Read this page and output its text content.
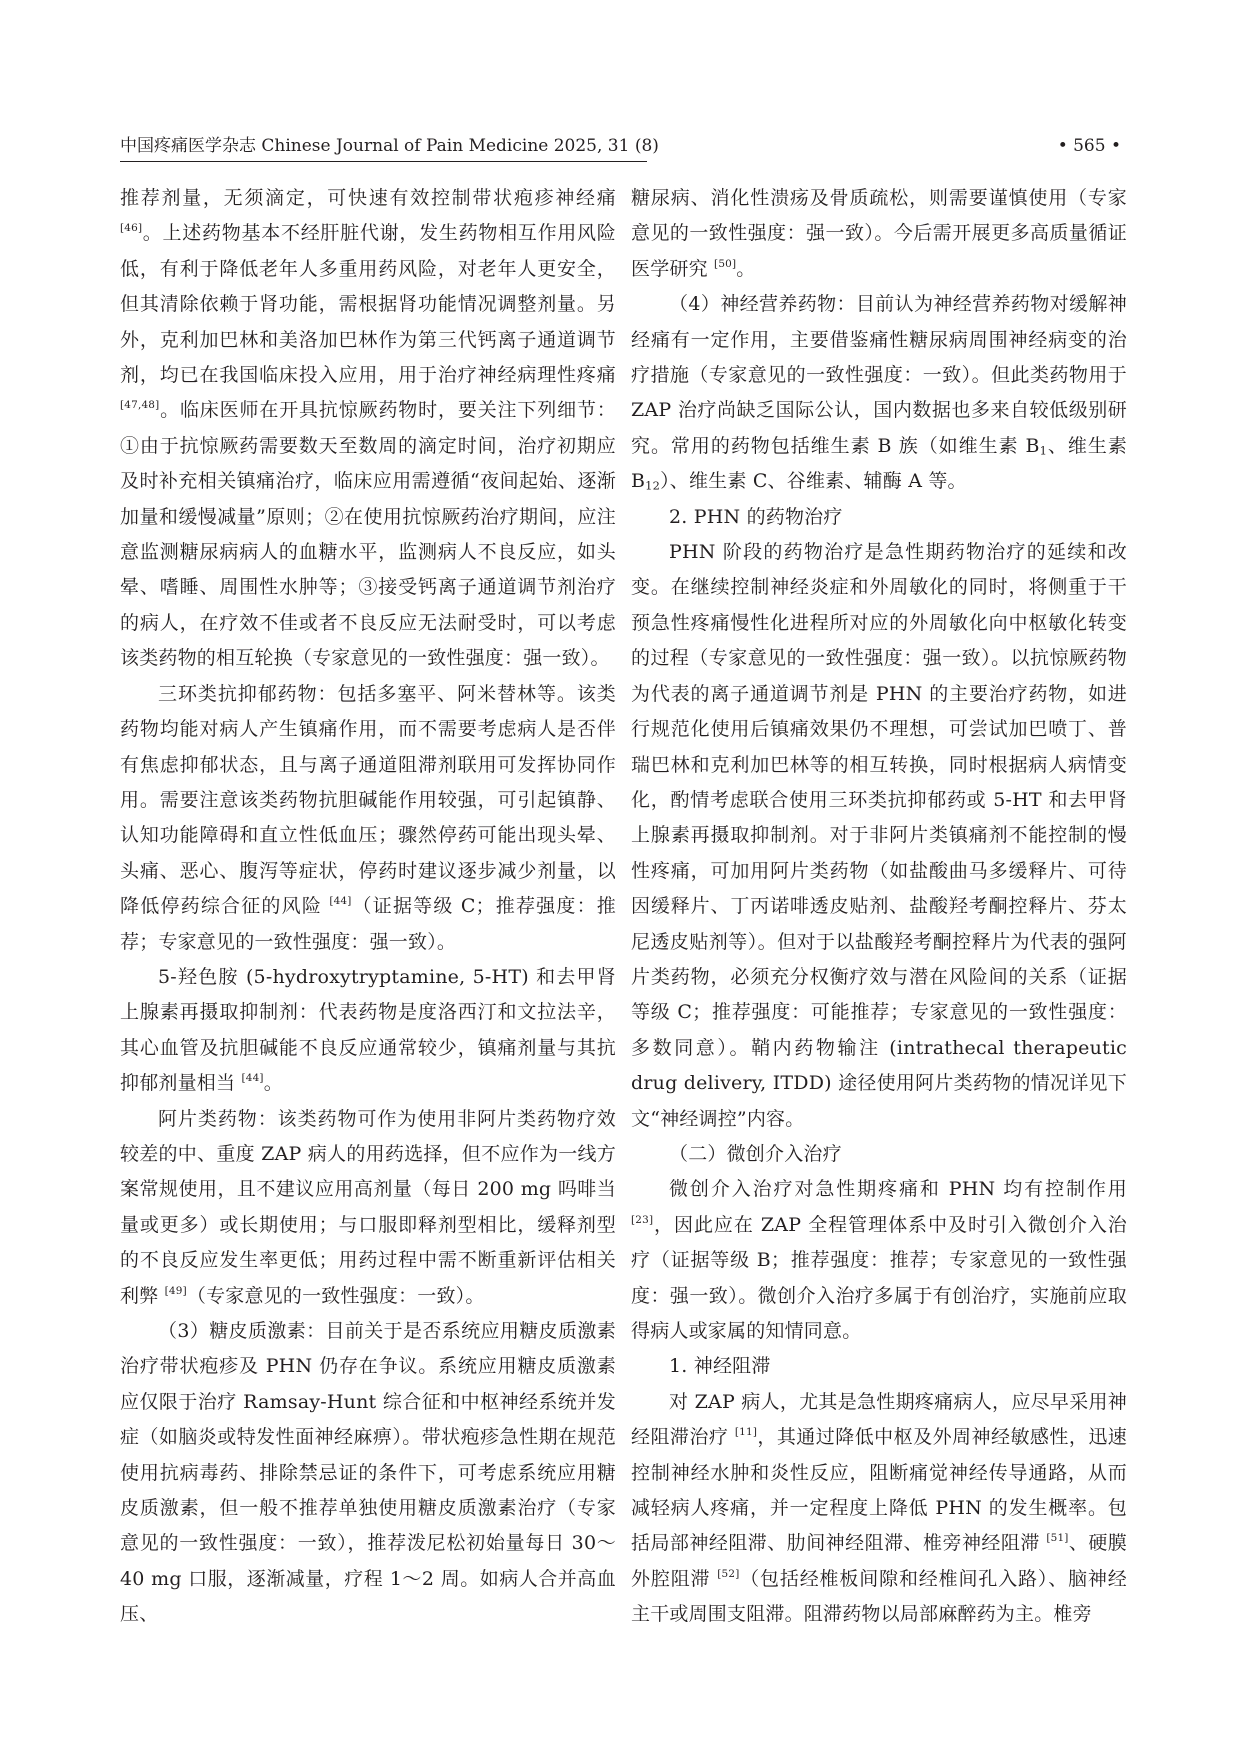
中国疼痛医学杂志 Chinese Journal of Pain Medicine 2025, 31 (8)	• 565 •

推荐剂量，无须滴定，可快速有效控制带状疱疹神经痛 [46]。上述药物基本不经肝脏代谢，发生药物相互作用风险低，有利于降低老年人多重用药风险，对老年人更安全，但其清除依赖于肾功能，需根据肾功能情况调整剂量。另外，克利加巴林和美洛加巴林作为第三代钙离子通道调节剂，均已在我国临床投入应用，用于治疗神经病理性疼痛 [47,48]。临床医师在开具抗惊厥药物时，要关注下列细节：①由于抗惊厥药需要数天至数周的滴定时间，治疗初期应及时补充相关镇痛治疗，临床应用需遵循“夜间起始、逐渐加量和缓慢减量”原则；②在使用抗惊厥药治疗期间，应注意监测糖尿病病人的血糖水平，监测病人不良反应，如头晕、嗜睡、周围性水肿等；③接受钙离子通道调节剂治疗的病人，在疗效不佳或者不良反应无法耐受时，可以考虑该类药物的相互轮换（专家意见的一致性强度：强一致）。

三环类抗抑郁药物：包括多塞平、阿米替林等。该类药物均能对病人产生镇痛作用，而不需要考虑病人是否伴有焦虑抑郁状态，且与离子通道阻滞剂联用可发挥协同作用。需要注意该类药物抗胆碱能作用较强，可引起镇静、认知功能障碍和直立性低血压；骤然停药可能出现头晕、头痛、恶心、腹泻等症状，停药时建议逐步减少剂量，以降低停药综合征的风险 [44]（证据等级 C；推荐强度：推荐；专家意见的一致性强度：强一致）。

5-羟色胺 (5-hydroxytryptamine, 5-HT) 和去甲肾上腺素再摄取抑制剂：代表药物是度洛西汀和文拉法辛，其心血管及抗胆碱能不良反应通常较少，镇痛剂量与其抗抑郁剂量相当 [44]。

阿片类药物：该类药物可作为使用非阿片类药物疗效较差的中、重度 ZAP 病人的用药选择，但不应作为一线方案常规使用，且不建议应用高剂量（每日 200 mg 吗啡当量或更多）或长期使用；与口服即释剂型相比，缓释剂型的不良反应发生率更低；用药过程中需不断重新评估相关利弊 [49]（专家意见的一致性强度：一致）。

（3）糖皮质激素：目前关于是否系统应用糖皮质激素治疗带状疱疹及 PHN 仍存在争议。系统应用糖皮质激素应仅限于治疗 Ramsay-Hunt 综合征和中枢神经系统并发症（如脑炎或特发性面神经麻痹）。带状疱疹急性期在规范使用抗病毒药、排除禁忌证的条件下，可考虑系统应用糖皮质激素，但一般不推荐单独使用糖皮质激素治疗（专家意见的一致性强度：一致），推荐泼尼松初始量每日 30～40 mg 口服，逐渐减量，疗程 1～2 周。如病人合并高血压、

糖尿病、消化性溃疡及骨质疏松，则需要谨慎使用（专家意见的一致性强度：强一致）。今后需开展更多高质量循证医学研究 [50]。

（4）神经营养药物：目前认为神经营养药物对缓解神经痛有一定作用，主要借鉴痛性糖尿病周围神经病变的治疗措施（专家意见的一致性强度：一致）。但此类药物用于 ZAP 治疗尚缺乏国际公认，国内数据也多来自较低级别研究。常用的药物包括维生素 B 族（如维生素 $B_1$、维生素 $B_{12}$）、维生素 C、谷维素、辅酶 A 等。

2. PHN 的药物治疗

PHN 阶段的药物治疗是急性期药物治疗的延续和改变。在继续控制神经炎症和外周敏化的同时，将侧重于干预急性疼痛慢性化进程所对应的外周敏化向中枢敏化转变的过程（专家意见的一致性强度：强一致）。以抗惊厥药物为代表的离子通道调节剂是 PHN 的主要治疗药物，如进行规范化使用后镇痛效果仍不理想，可尝试加巴喷丁、普瑞巴林和克利加巴林等的相互转换，同时根据病人病情变化，酌情考虑联合使用三环类抗抑郁药或 5-HT 和去甲肾上腺素再摄取抑制剂。对于非阿片类镇痛剂不能控制的慢性疼痛，可加用阿片类药物（如盐酸曲马多缓释片、可待因缓释片、丁丙诺啡透皮贴剂、盐酸羟考酮控释片、芬太尼透皮贴剂等）。但对于以盐酸羟考酮控释片为代表的强阿片类药物，必须充分权衡疗效与潜在风险间的关系（证据等级 C；推荐强度：可能推荐；专家意见的一致性强度：多数同意）。鞘内药物输注 (intrathecal therapeutic drug delivery, ITDD) 途径使用阿片类药物的情况详见下文“神经调控”内容。

（二）微创介入治疗

微创介入治疗对急性期疼痛和 PHN 均有控制作用 [23]，因此应在 ZAP 全程管理体系中及时引入微创介入治疗（证据等级 B；推荐强度：推荐；专家意见的一致性强度：强一致）。微创介入治疗多属于有创治疗，实施前应取得病人或家属的知情同意。

1. 神经阻滞

对 ZAP 病人，尤其是急性期疼痛病人，应尽早采用神经阻滞治疗 [11]，其通过降低中枢及外周神经敏感性，迅速控制神经水肿和炎性反应，阻断痛觉神经传导通路，从而减轻病人疼痛，并一定程度上降低 PHN 的发生概率。包括局部神经阻滞、肋间神经阻滞、椎旁神经阻滞 [51]、硬膜外腔阻滞 [52]（包括经椎板间隙和经椎间孔入路）、脑神经主干或周围支阻滞。阻滞药物以局部麻醉药为主。椎旁
